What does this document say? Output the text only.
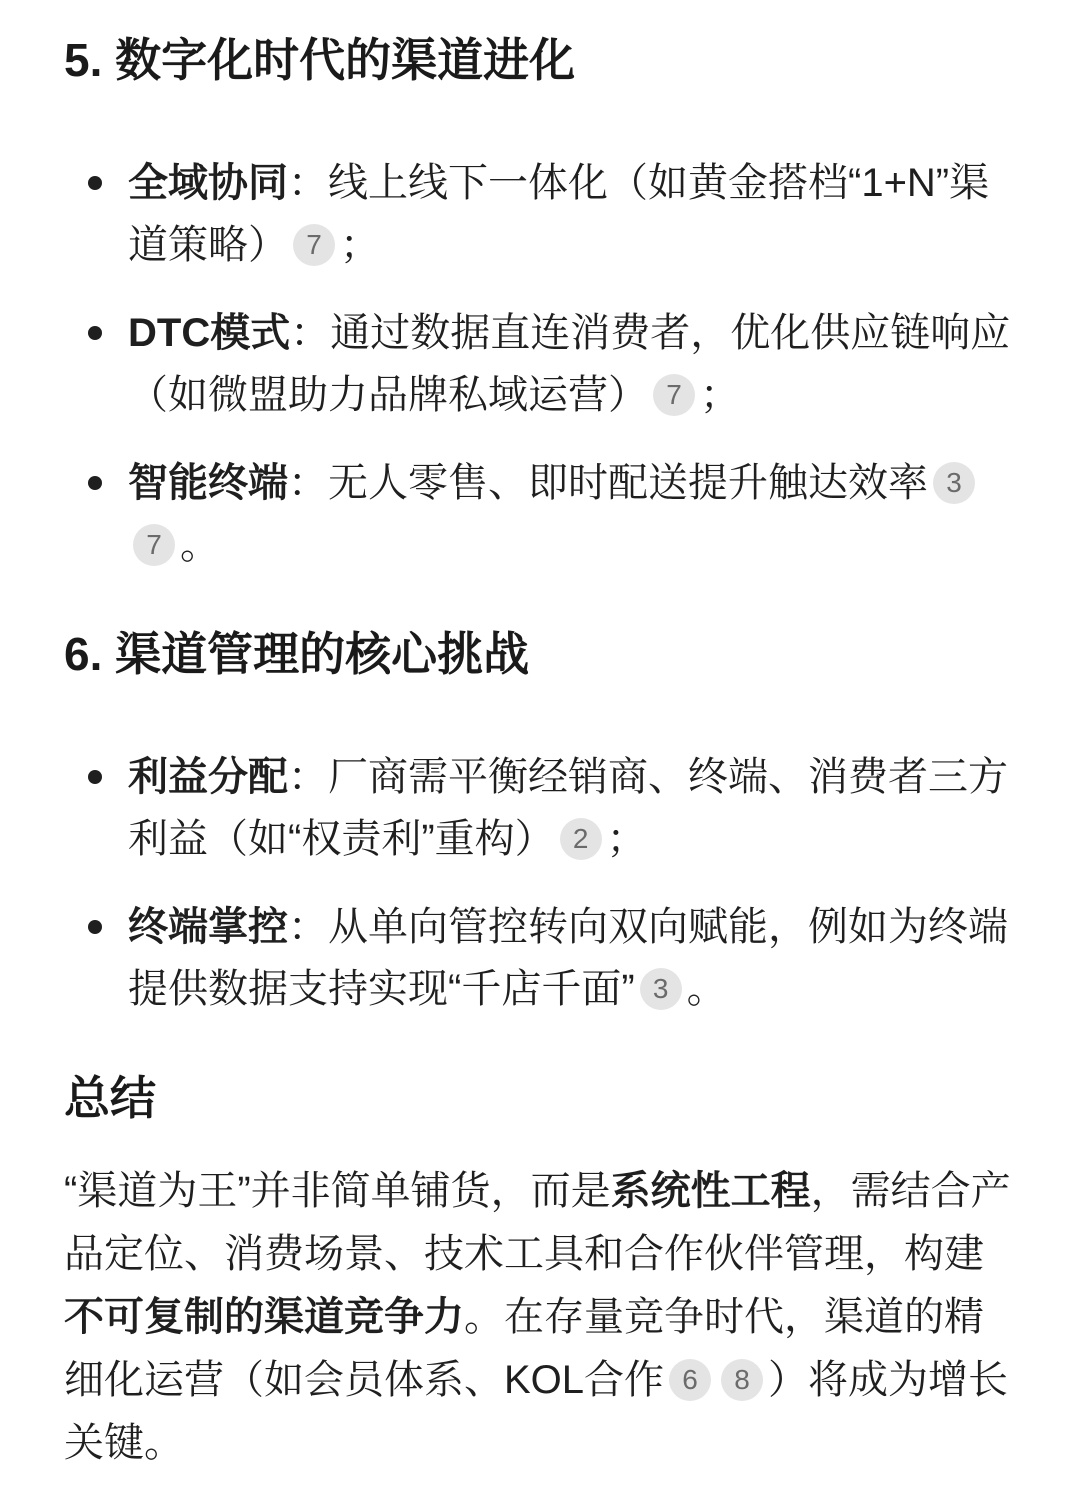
5. 数字化时代的渠道进化
全域协同：线上线下一体化（如黄金搭档“1+N”渠道策略） 7 ；
DTC模式：通过数据直连消费者，优化供应链响应（如微盟助力品牌私域运营） 7 ；
智能终端：无人零售、即时配送提升触达效率 37 。
6. 渠道管理的核心挑战
利益分配：厂商需平衡经销商、终端、消费者三方利益（如“权责利”重构） 2 ；
终端掌控：从单向管控转向双向赋能，例如为终端提供数据支持实现“千店千面” 3 。
总结

“渠道为王”并非简单铺货，而是系统性工程，需结合产品定位、消费场景、技术工具和合作伙伴管理，构建不可复制的渠道竞争力。在存量竞争时代，渠道的精细化运营（如会员体系、KOL合作 6 8 ）将成为增长关键。
